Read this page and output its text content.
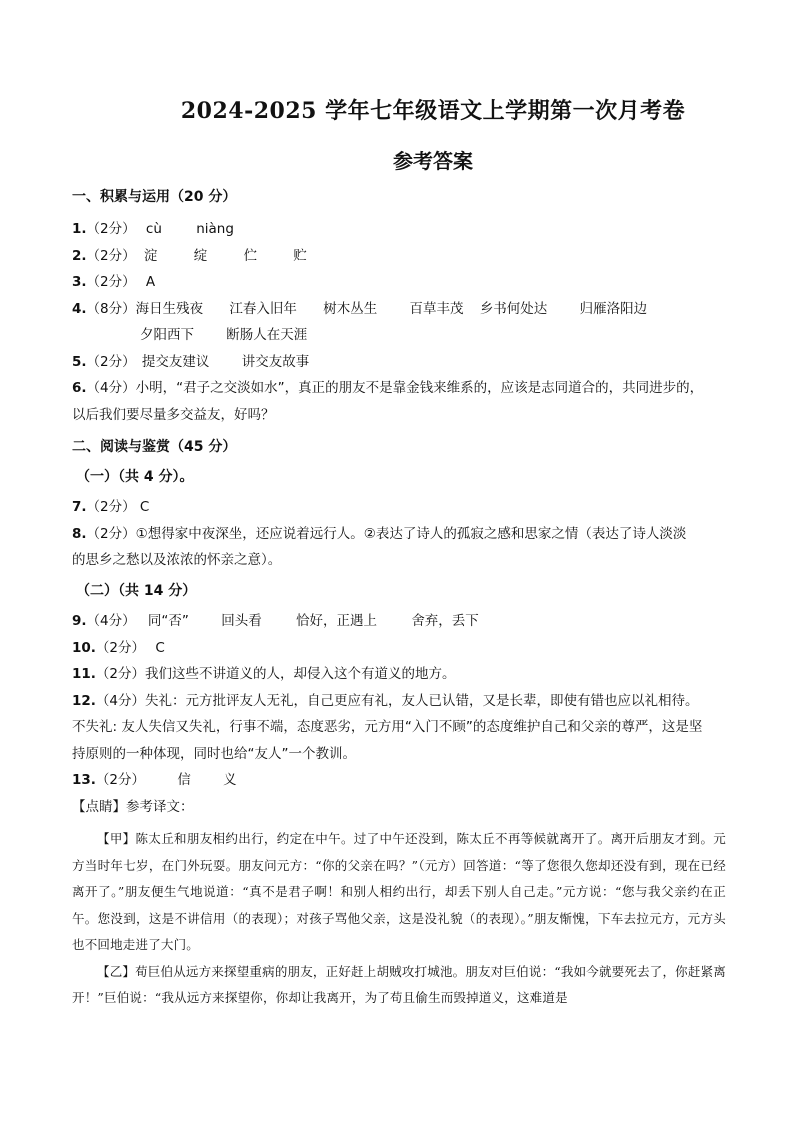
2024-2025 学年七年级语文上学期第一次月考卷
参考答案

一、积累与运用（20 分）

1.（2分） cù	niàng

2.（2分） 淀	绽	伫	贮

3.（2分） A

4.（8分）海日生残夜 江春入旧年 树木丛生 百草丰茂 乡书何处达 归雁洛阳边

夕阳西下 断肠人在天涯

5.（2分） 提交友建议 讲交友故事

6.（4分）小明，“君子之交淡如水”，真正的朋友不是靠金钱来维系的，应该是志同道合的，共同进步的，

以后我们要尽量多交益友，好吗？

二、阅读与鉴赏（45 分）

（一）（共 4 分）。

7.（2分） C

8.（2分）①想得家中夜深坐，还应说着远行人。②表达了诗人的孤寂之感和思家之情（表达了诗人淡淡

的思乡之愁以及浓浓的怀亲之意）。

（二）（共 14 分）

9.（4分） 同“否” 回头看	恰好，正遇上	舍弃，丢下

10.（2分） C

11.（2分）我们这些不讲道义的人，却侵入这个有道义的地方。

12.（4分）失礼：元方批评友人无礼，自己更应有礼，友人已认错，又是长辈，即使有错也应以礼相待。

不失礼: 友人失信又失礼，行事不端，态度恶劣，元方用“入门不顾”的态度维护自己和父亲的尊严，这是坚

持原则的一种体现，同时也给“友人”一个教训。

13.（2分） 信 义

【点睛】参考译文：

【甲】陈太丘和朋友相约出行，约定在中午。过了中午还没到，陈太丘不再等候就离开了。离开后朋友才到。元方当时年七岁，在门外玩耍。朋友问元方：“你的父亲在吗？”（元方）回答道：“等了您很久您却还没有到，现在已经离开了。”朋友便生气地说道：“真不是君子啊！和别人相约出行，却丢下别人自己走。”元方说：“您与我父亲约在正午。您没到，这是不讲信用（的表现）；对孩子骂他父亲，这是没礼貌（的表现）。”朋友惭愧，下车去拉元方，元方头也不回地走进了大门。

【乙】荀巨伯从远方来探望重病的朋友，正好赶上胡贼攻打城池。朋友对巨伯说：“我如今就要死去了，你赶紧离开！”巨伯说：“我从远方来探望你，你却让我离开，为了苟且偷生而毁掉道义，这难道是
